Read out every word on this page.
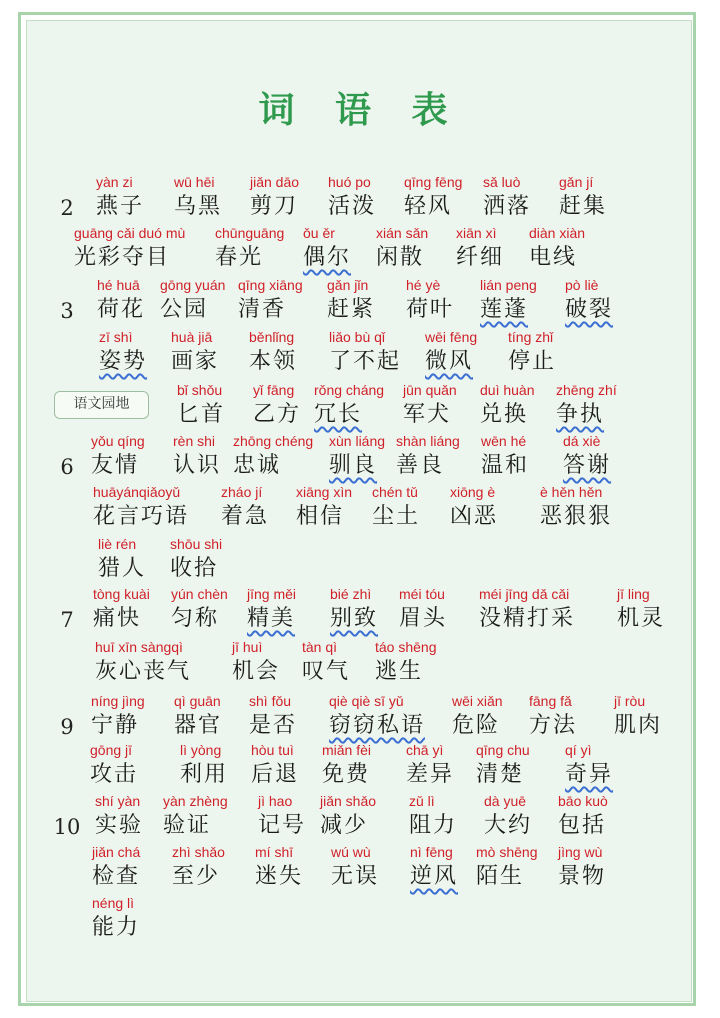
词 语 表
2
yàn zi
燕子
wū hēi
乌黑
jiǎn dāo
剪刀
huó po
活泼
qīng fēng
轻风
sǎ luò
洒落
gǎn jí
赶集
guāng cǎi duó mù
光彩夺目
chūnguāng
春光
ǒu ěr
偶尔
xián sǎn
闲散
xiān xì
纤细
diàn xiàn
电线
3
hé huā
荷花
gōng yuán
公园
qīng xiāng
清香
gǎn jǐn
赶紧
hé yè
荷叶
lián peng
莲蓬
pò liè
破裂
zī shì
姿势
huà jiā
画家
běnlǐng
本领
liǎo bù qǐ
了不起
wēi fēng
微风
tíng zhǐ
停止
语文园地
bǐ shǒu
匕首
yǐ fāng
乙方
rǒng cháng
冗长
jūn quǎn
军犬
duì huàn
兑换
zhēng zhí
争执
6
yǒu qíng
友情
rèn shi
认识
zhōng chéng
忠诚
xùn liáng
驯良
shàn liáng
善良
wēn hé
温和
dá xiè
答谢
huāyánqiǎoyǔ
花言巧语
zháo jí
着急
xiāng xìn
相信
chén tǔ
尘土
xiōng è
凶恶
è hěn hěn
恶狠狠
liè rén
猎人
shōu shi
收拾
7
tòng kuài
痛快
yún chèn
匀称
jīng měi
精美
bié zhì
别致
méi tóu
眉头
méi jīng dǎ cǎi
没精打采
jī ling
机灵
huī xīn sàngqì
灰心丧气
jī huì
机会
tàn qì
叹气
táo shēng
逃生
9
níng jìng
宁静
qì guān
器官
shì fǒu
是否
qiè qiè sī yǔ
窃窃私语
wēi xiǎn
危险
fāng fǎ
方法
jī ròu
肌肉
gōng jī
攻击
lì yòng
利用
hòu tuì
后退
miǎn fèi
免费
chā yì
差异
qīng chu
清楚
qí yì
奇异
10
shí yàn
实验
yàn zhèng
验证
jì hao
记号
jiǎn shǎo
减少
zǔ lì
阻力
dà yuē
大约
bāo kuò
包括
jiǎn chá
检查
zhì shǎo
至少
mí shī
迷失
wú wù
无误
nì fēng
逆风
mò shēng
陌生
jìng wù
景物
néng lì
能力
